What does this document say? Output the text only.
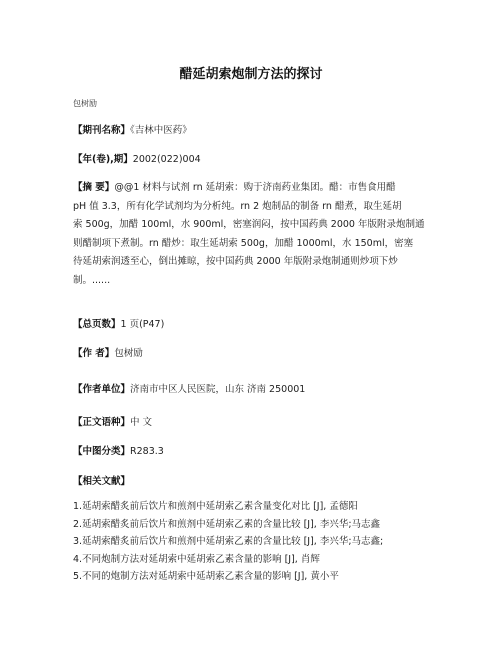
醋延胡索炮制方法的探讨
包树励
【期刊名称】《吉林中医药》
【年(卷),期】2002(022)004
【摘 要】@@1 材料与试剂 rn 延胡索：购于济南药业集团。醋：市售食用醋
pH 值 3.3，所有化学试剂均为分析纯。rn 2 炮制品的制备 rn 醋煮，取生延胡
索 500g，加醋 100ml，水 900ml，密塞润闷，按中国药典 2000 年版附录炮制通
则醋制项下煮制。rn 醋炒：取生延胡索 500g，加醋 1000ml，水 150ml，密塞
待延胡索润透至心，倒出摊晾，按中国药典 2000 年版附录炮制通则炒项下炒
制。......
【总页数】1 页(P47)
【作 者】包树励
【作者单位】济南市中区人民医院，山东 济南 250001
【正文语种】中 文
【中图分类】R283.3
【相关文献】
1.延胡索醋炙前后饮片和煎剂中延胡索乙素含量变化对比 [J], 孟德阳
2.延胡索醋炙前后饮片和煎剂中延胡索乙素的含量比较 [J], 李兴华;马志鑫
3.延胡索醋炙前后饮片和煎剂中延胡索乙素的含量比较 [J], 李兴华;马志鑫;
4.不同炮制方法对延胡索中延胡索乙素含量的影响 [J], 肖辉
5.不同的炮制方法对延胡索中延胡索乙素含量的影响 [J], 黄小平
